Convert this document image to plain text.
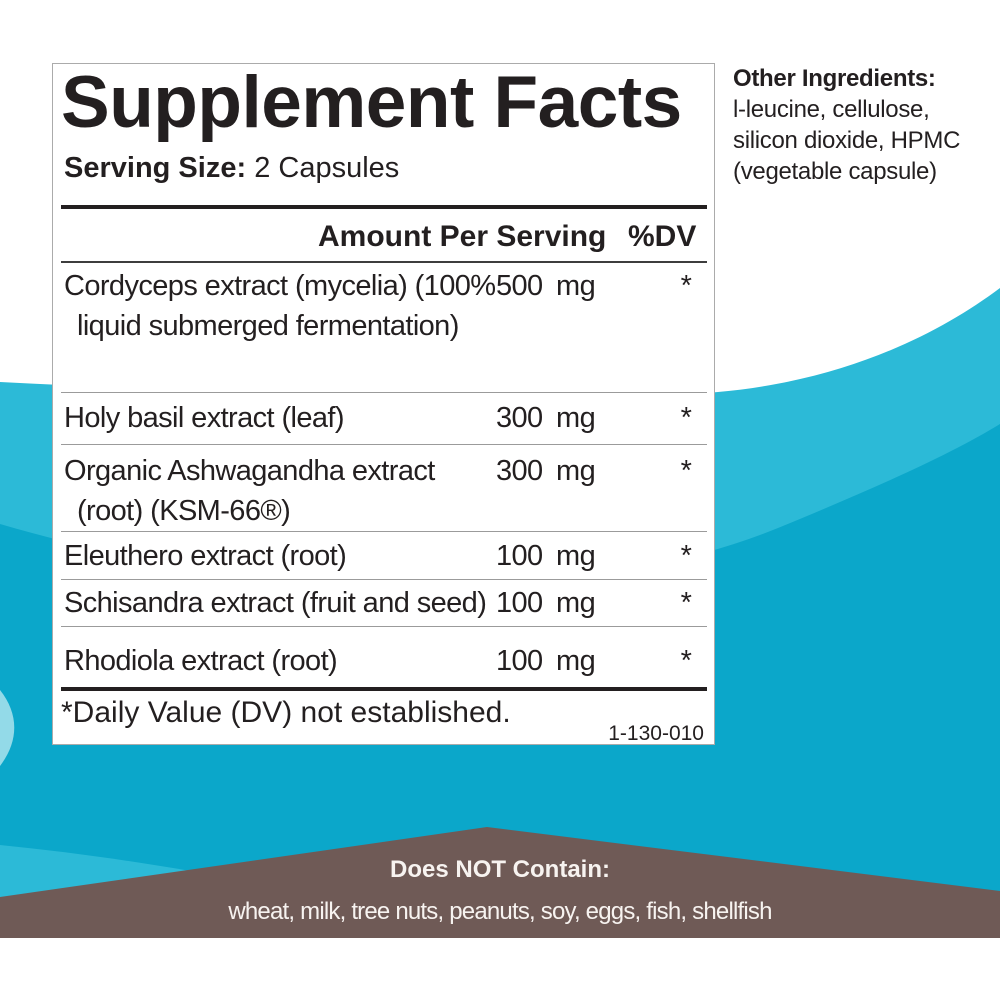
Supplement Facts
Serving Size: 2 Capsules
Amount Per Serving %DV
Cordyceps extract (mycelia) (100% liquid submerged fermentation)
500 mg	*
Holy basil extract (leaf)	300 mg	*
Organic Ashwagandha extract (root) (KSM-66®)
300 mg	*
Eleuthero extract (root)	100 mg	*
Schisandra extract (fruit and seed) 100 mg	*
Rhodiola extract (root)	100 mg	*
*Daily Value (DV) not established.
1-130-010
Other Ingredients:
l-leucine, cellulose,
silicon dioxide, HPMC
(vegetable capsule)
Does NOT Contain:
wheat, milk, tree nuts, peanuts, soy, eggs, fish, shellfish
